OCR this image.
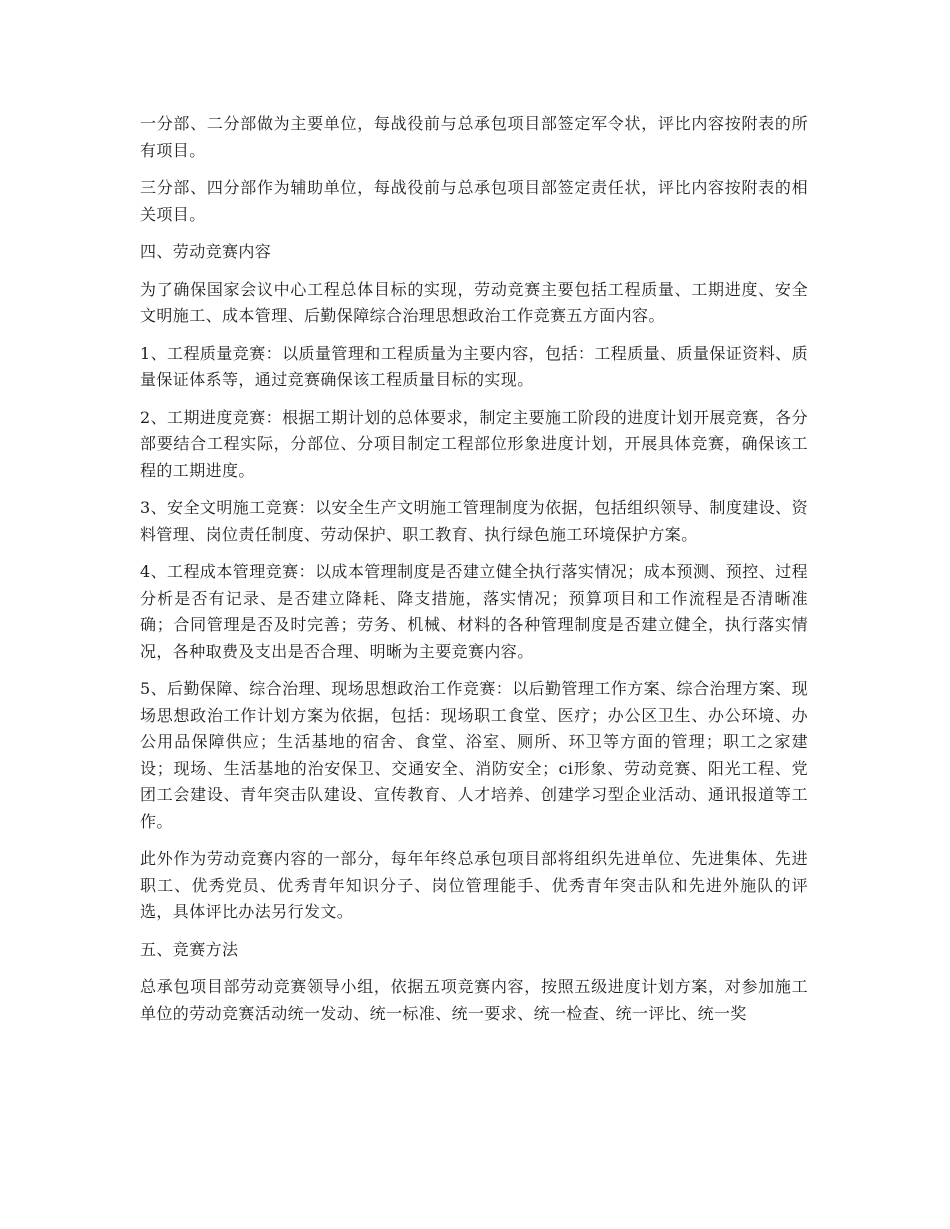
一分部、二分部做为主要单位，每战役前与总承包项目部签定军令状，评比内容按附表的所有项目。

三分部、四分部作为辅助单位，每战役前与总承包项目部签定责任状，评比内容按附表的相关项目。

四、劳动竞赛内容

为了确保国家会议中心工程总体目标的实现，劳动竞赛主要包括工程质量、工期进度、安全文明施工、成本管理、后勤保障综合治理思想政治工作竞赛五方面内容。

1、工程质量竞赛：以质量管理和工程质量为主要内容，包括：工程质量、质量保证资料、质量保证体系等，通过竞赛确保该工程质量目标的实现。

2、工期进度竞赛：根据工期计划的总体要求，制定主要施工阶段的进度计划开展竞赛，各分部要结合工程实际，分部位、分项目制定工程部位形象进度计划，开展具体竞赛，确保该工程的工期进度。

3、安全文明施工竞赛：以安全生产文明施工管理制度为依据，包括组织领导、制度建设、资料管理、岗位责任制度、劳动保护、职工教育、执行绿色施工环境保护方案。

4、工程成本管理竞赛：以成本管理制度是否建立健全执行落实情况；成本预测、预控、过程分析是否有记录、是否建立降耗、降支措施，落实情况；预算项目和工作流程是否清晰准确；合同管理是否及时完善；劳务、机械、材料的各种管理制度是否建立健全，执行落实情况，各种取费及支出是否合理、明晰为主要竞赛内容。

5、后勤保障、综合治理、现场思想政治工作竞赛：以后勤管理工作方案、综合治理方案、现场思想政治工作计划方案为依据，包括：现场职工食堂、医疗；办公区卫生、办公环境、办公用品保障供应；生活基地的宿舍、食堂、浴室、厕所、环卫等方面的管理；职工之家建设；现场、生活基地的治安保卫、交通安全、消防安全；ci形象、劳动竞赛、阳光工程、党团工会建设、青年突击队建设、宣传教育、人才培养、创建学习型企业活动、通讯报道等工作。

此外作为劳动竞赛内容的一部分，每年年终总承包项目部将组织先进单位、先进集体、先进职工、优秀党员、优秀青年知识分子、岗位管理能手、优秀青年突击队和先进外施队的评选，具体评比办法另行发文。

五、竞赛方法

总承包项目部劳动竞赛领导小组，依据五项竞赛内容，按照五级进度计划方案，对参加施工单位的劳动竞赛活动统一发动、统一标准、统一要求、统一检查、统一评比、统一奖
